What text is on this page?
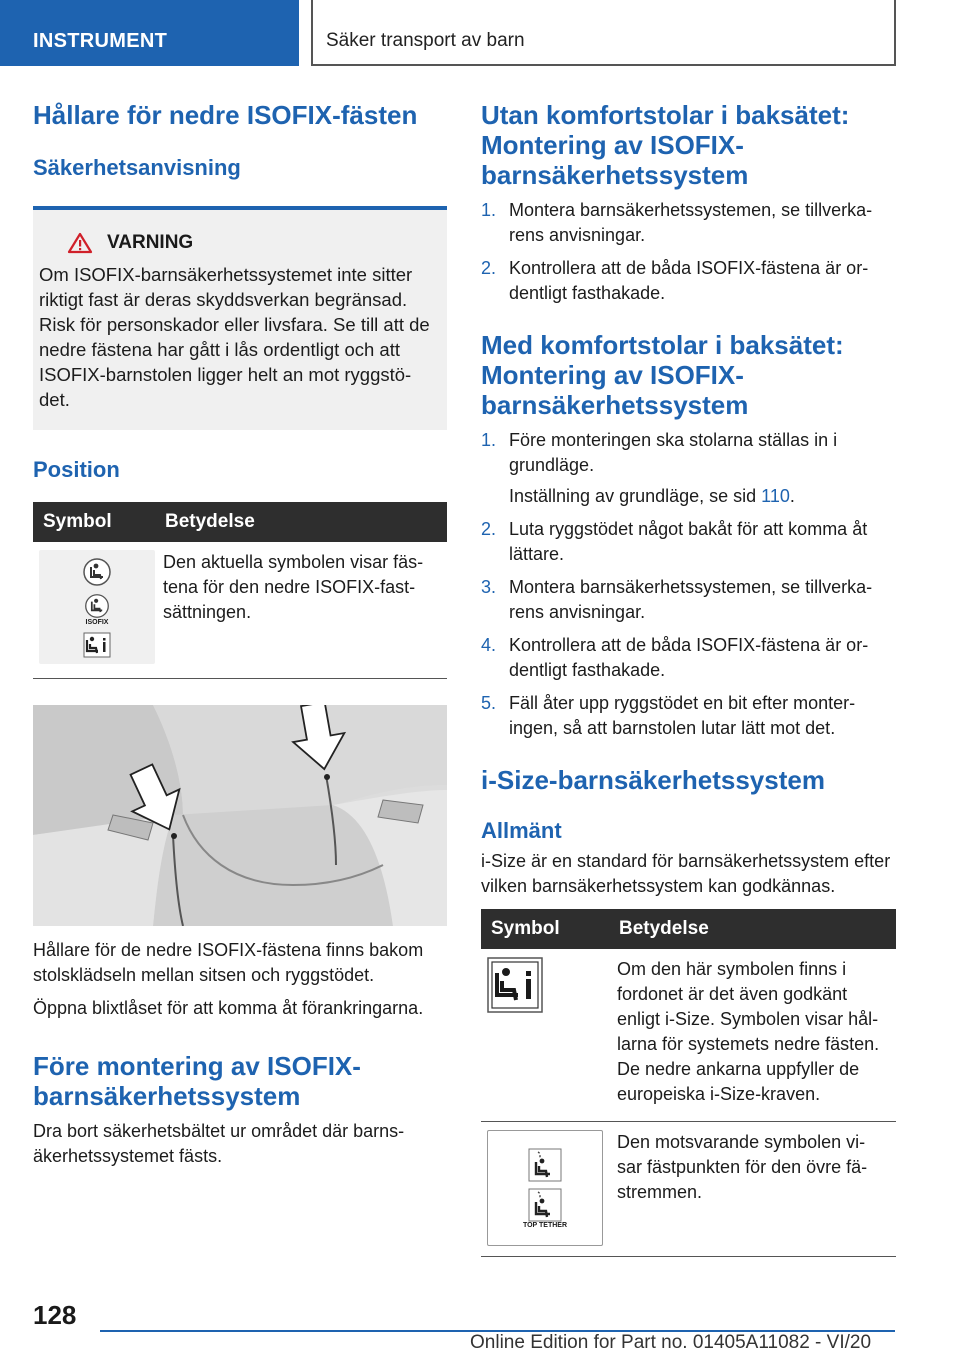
INSTRUMENT	Säker transport av barn
Hållare för nedre ISOFIX-fästen
Säkerhetsanvisning
VARNING

Om ISOFIX-barnsäkerhetssystemet inte sitter riktigt fast är deras skyddsverkan begränsad. Risk för personskador eller livsfara. Se till att de nedre fästena har gått i lås ordentligt och att ISOFIX-barnstolen ligger helt an mot ryggstö-det.

Position
Symbol	Betydelse

ISOFIX	Den aktuella symbolen visar fäs-tena för den nedre ISOFIX-fast-sättningen.

Hållare för de nedre ISOFIX-fästena finns bakom stolsklädseln mellan sitsen och ryggstödet.

Öppna blixtlåset för att komma åt förankringarna.

Före montering av ISOFIX-barnsäkerhetssystem

Dra bort säkerhetsbältet ur området där barns-äkerhetssystemet fästs.

Utan komfortstolar i baksätet: Montering av ISOFIX-barnsäkerhetssystem
1. Montera barnsäkerhetssystemen, se tillverka-rens anvisningar.
2. Kontrollera att de båda ISOFIX-fästena är or-dentligt fasthakade.
Med komfortstolar i baksätet: Montering av ISOFIX-barnsäkerhetssystem
1. Före monteringen ska stolarna ställas in i grundläge.
Inställning av grundläge, se sid 110.
2. Luta ryggstödet något bakåt för att komma åt lättare.
3. Montera barnsäkerhetssystemen, se tillverka-rens anvisningar.
4. Kontrollera att de båda ISOFIX-fästena är or-dentligt fasthakade.
5. Fäll åter upp ryggstödet en bit efter monter-ingen, så att barnstolen lutar lätt mot det.
i-Size-barnsäkerhetssystem
Allmänt

i-Size är en standard för barnsäkerhetssystem efter vilken barnsäkerhetssystem kan godkännas.

Symbol	Betydelse

Om den här symbolen finns i fordonet är det även godkänt enligt i-Size. Symbolen visar hål-larna för systemets nedre fästen. De nedre ankarna uppfyller de europeiska i-Size-kraven.

TOP TETHER	Den motsvarande symbolen vi-sar fästpunkten för den övre fä-stremmen.

128
Online Edition for Part no. 01405A11082 - VI/20
